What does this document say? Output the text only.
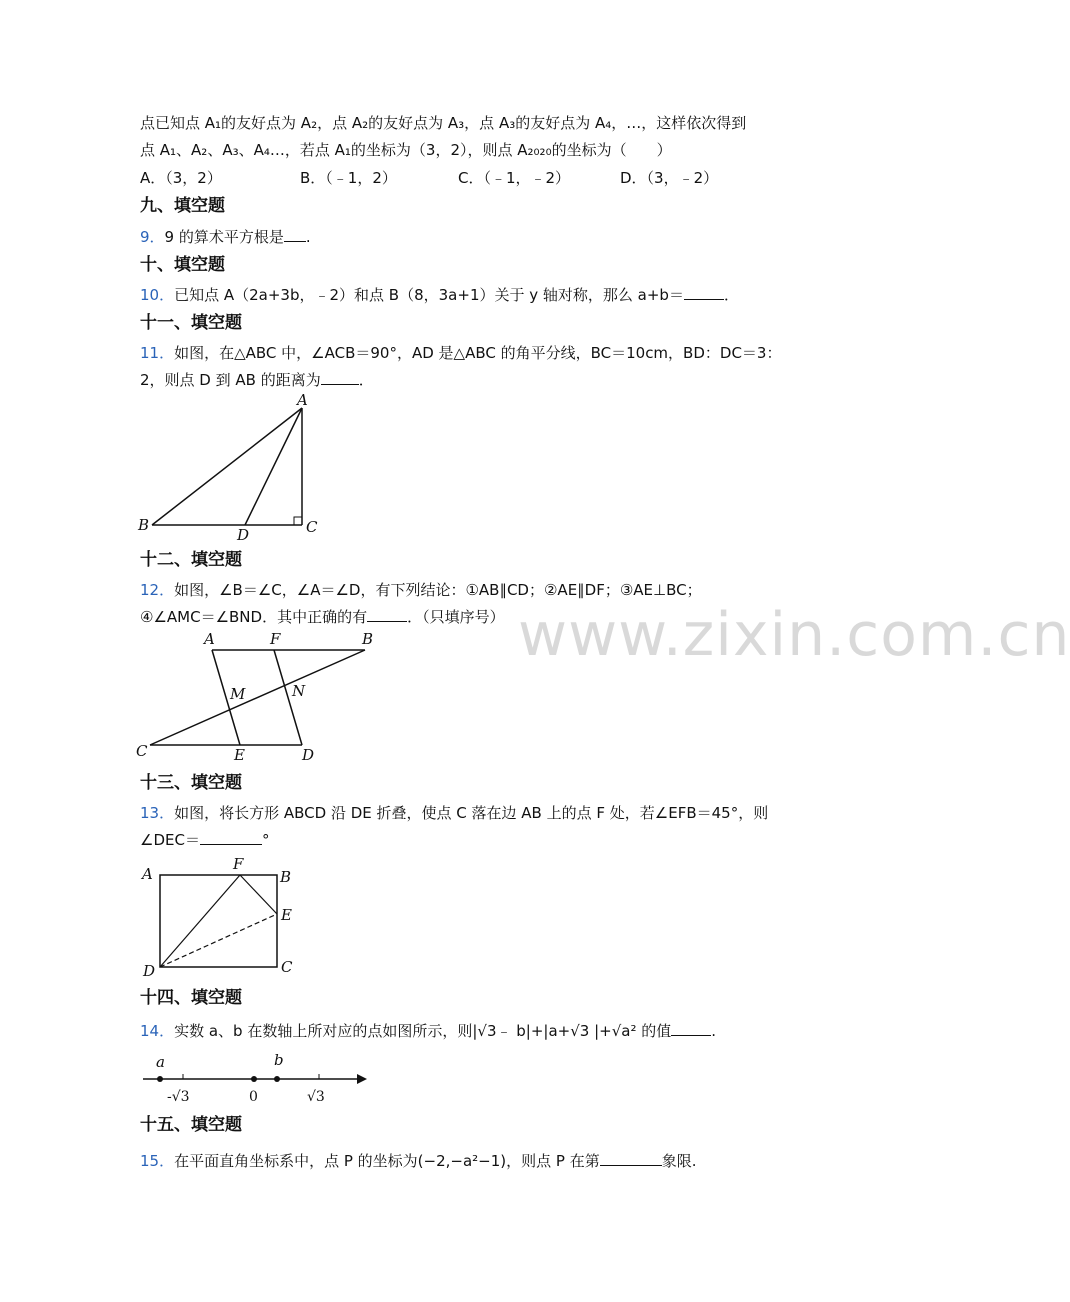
点已知点 A₁的友好点为 A₂，点 A₂的友好点为 A₃，点 A₃的友好点为 A₄，…，这样依次得到
点 A₁、A₂、A₃、A₄…，若点 A₁的坐标为（3，2），则点 A₂₀₂₀的坐标为（　　）
A．（3，2）	B．（﹣1，2）	C．（﹣1，﹣2）	D．（3，﹣2）
九、填空题
9．9 的算术平方根是 .
十、填空题
10．已知点 A（2a+3b，﹣2）和点 B（8，3a+1）关于 y 轴对称，那么 a+b＝	．
十一、填空题
11．如图，在△ABC 中，∠ACB＝90°，AD 是△ABC 的角平分线，BC＝10cm，BD：DC＝3：
2，则点 D 到 AB 的距离为	．
A
B	C
D
十二、填空题
12．如图，∠B＝∠C，∠A＝∠D，有下列结论：①AB∥CD；②AE∥DF；③AE⊥BC；
④∠AMC＝∠BND．其中正确的有	．（只填序号）
A	F	B
M	N
C	E	D
www.zixin.com.cn
十三、填空题
13．如图，将长方形 ABCD 沿 DE 折叠，使点 C 落在边 AB 上的点 F 处，若∠EFB＝45°，则
∠DEC＝	°
A
F
B
E
D	C
十四、填空题
14．实数 a、b 在数轴上所对应的点如图所示，则|√3﹣ b|+|a+√3 |+√a² 的值	.
a	b
-√3	0	√3
十五、填空题
15．在平面直角坐标系中，点 P 的坐标为(−2,−a²−1)，则点 P 在第	象限.
